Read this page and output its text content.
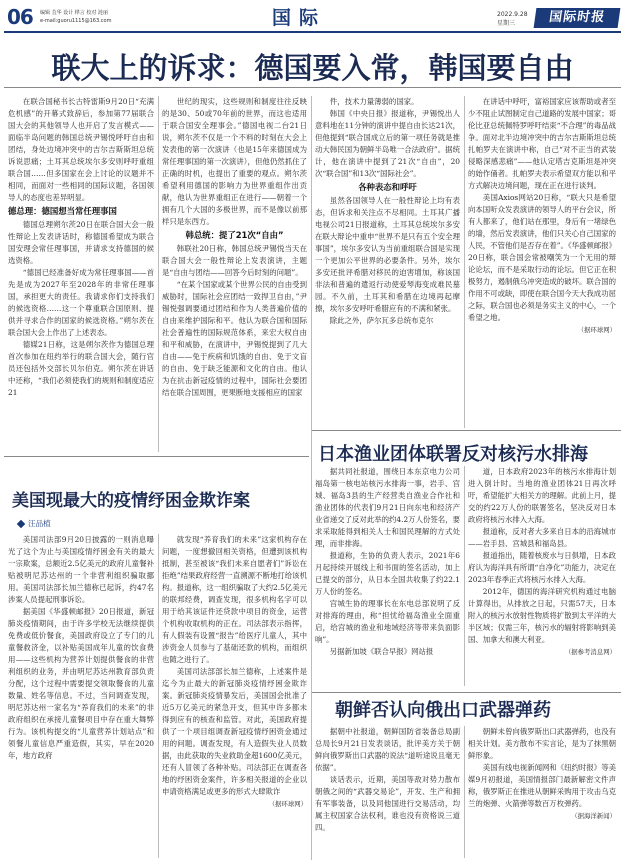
06 编辑 苴华 设计 桦言 校对 涟丽
e-mail:guoru1115@163.com	国际	2022.9.28
星期三	国际时报
联大上的诉求：德国要入常，韩国要自由

在联合国秘书长古特雷斯9月20日“充满危机感”的开幕式致辞后，参加第77届联合国大会的其他领导人也开启了发言模式——面临半岛问题的韩国总统尹锡悦呼吁自由和团结，身处边境冲突中的吉尔吉斯斯坦总统诉说思痛；土耳其总统埃尔多安则呼吁重组联合国……但多国家在会上讨论的议题并不相同，而面对一些相同的国际议题，各国领导人的态度也差异明显。

德总理：德国想当常任理事国

德国总理朔尔茨20日在联合国大会一般性辩论上发表讲话时，称德国希望成为联合国安理会常任理事国，并请求支持德国的候选资格。

“德国已经准备好成为常任理事国——首先是成为2027年至2028年的非常任理事国，承担更大的责任。我请求你们支持我们的候选资格……这一个尊重联合国原则、提供并寻求合作的国家的候选资格。”朔尔茨在联合国大会上作出了上述表态。

德媒21日称，这是朔尔茨作为德国总理首次参加在纽约举行的联合国大会，随行官员还包括外交部长贝尔伯克。朔尔茨在讲话中还称，“我们必须使我们的规则和制度适应21

世纪的现实，这些规则和制度往往反映的是30、50或70年前的世界，而这也适用于联合国安全理事会。”德国电视二台21日说，朔尔茨不仅是一个不料的时刻在大会上发表他的第一次演讲（也是15年来德国成为常任理事国的第一次演讲），但他仍然抓住了正确的时机，也提出了重要的观点。朔尔茨希望利用德国的影响力为世界重组作出贡献，他认为世界重组正在进行——朝着一个拥有几个大国的多极世界，而不是像以前那样只是东西方。

韩总统：提了21次“自由”

韩联社20日称，韩国总统尹锡悦当天在联合国大会一般性辩论上发表演讲，主题是“自由与团结——回答今后时刻的问题”。

“在某个国家或某个世界公民的自由受到威胁时，国际社会应团结一致捍卫自由，”尹锡悦强调要通过团结和作为人类普遍价值的自由来维护国际和平。他认为联合国和国际社会普遍性的国际规范体系，来宏大权自由和平和威胁，在演讲中，尹锡悦提到了几大自由——免于疾病和饥饿的自由、免于文盲的自由、免于缺乏能源和文化的自由。他认为在抗击新冠疫情的过程中，国际社会要团结在联合国周围，更果断地支援相应的国家

件，技术力量薄弱的国家。

韩国《中央日报》报道称，尹锡悦出人意料地在11分钟的演讲中提自由长达21次，但他提到“联合国成立后的第一项任务就是推动大韩民国为朝鲜半岛唯一合法政府”。据统计，他在演讲中提到了21次“自由”，20次“联合国”和13次“国际社会”。

各种表态和呼吁

虽然各国领导人在一般性辩论上均有表态，但诉求和关注点不尽相同。土耳其广播电视公司21日报道称，土耳其总统埃尔多安在联大辩论中重申“世界不是只有五个安全理事国”，埃尔多安认为当前重组联合国是实现一个更加公平世界的必要条件。另外，埃尔多安还批评希腊对移民的迫害增加，称该国非法和普遍的遣返行动使爱琴海变成难民墓园。不久前，土耳其和希腊在边境再起摩擦，埃尔多安呼吁希腊应有的不满和紧张。

除此之外，萨尔瓦多总统布克尔

在讲话中呼吁，富裕国家应该帮助或者至少不阻止试图制定自己道路的发展中国家；哥伦比亚总统佩特罗呼吁结束“不合理”的毒品战争。面对北半边境冲突中的吉尔吉斯斯坦总统扎帕罗夫在演讲中称，自己“对不正当的武装侵略深感悲痛”——他认定塔吉克斯坦是冲突的始作俑者。扎帕罗夫表示希望双方能以和平方式解决边境问题，现在正在进行谈判。

美国Axios网站20日称，“联大只是希望向本国听众发表演讲的领导人的平台会议，所有人都来了，他们站在那里，身后有一堵绿色的墙，然后发表演讲，他们只关心自己国家的人民，不管他们是否存在着”。《华盛顿邮报》20日称，联合国会常被嘲笑为一个无用的辩论论坛，而不是采取行动的论坛。但它正在积极努力，遏制俄乌冲突造成的破坏。联合国的作用不可或缺，即使在联合国今天大我成功屈之际，联合国也必须是务实主义的中心，一个希望之地。

（据环球网）
日本渔业团体联署反对核污水排海
美国现最大的疫情纾困金欺诈案
汪品植

美国司法部9月20日披露的一则消息曝光了这个为止与美国疫情纾困金有关的最大一宗欺案，总额近2.5亿美元的政府儿童餐补贴被明尼苏达州的一个非营利组织骗取挪用。美国司法部长加兰德称已起诉，约47名涉案人员提起刑事诉讼。

据美国《华盛顿邮报》20日报道，新冠肺炎疫情期间，由于许多学校无法继续提供免费或低价餐食，美国政府设立了专门的儿童餐救济金，以补贴美国成年儿童的饮食费用——这些机构为营养计划提供餐食的非营利组织的业务，并由明尼苏达州教育部负责分配，这个过程中需要提交领取餐食的儿童数量、姓名等信息。不过，当问调查发现，明尼苏达州一家名为“养育我们的未来”的非政府组织在承接儿童餐项目中存在重大舞弊行为。该机构提交的“儿童营养计划站点”和领餐儿童信息严重造假，其实，早在2020年，地方政府

就发现“养育我们的未来”这家机构存在问题，一度想撤回相关资格，但遭到该机构抵制，甚至被该“我们未来自愿者们”诉讼在拒绝”结果政府经营一直溯源不断地打给该机构。报道称，这一组织骗取了大约2.5亿美元的联邦经费，调查发现，很多机构名字可以用于给其该证件还贷款中项目的资金，运营个机构收取机构的正在。司法部表示指挥，有人假装有设置“报告”给医疗儿童人，其中涉资金人员参与了基础还款的机构，而组织也随之进行了。

美国司法部部长加兰德称，上述案件是迄今为止最大的新冠肺炎疫情纾困金欺诈案。新冠肺炎疫情暴发后，美国国会批准了近5万亿美元的紧急开支，但其中许多都未得到应有的核查和监管。对此，美国政府提供了一个项目组调查新冠疫情纾困资金通过用的问题。调查发现，有人造假失业人员数据，由此获取的失业救助金超1600亿美元，还有人冒领了各种补贴。司法部正在调查各地的纾困资金案件，许多相关报道的企业以申请资格满足或更多的形式大肆欺诈

（据环球网）

据共同社报道，围绕日本东京电力公司福岛第一核电站核污水排海一事，岩手、宫城、福岛3县的生产经营类自渔业合作社和渔业团体的代表们9月21日向东电和经济产业省递交了反对此举的约4.2万人份签名，要求采取能得到相关人士和国民理解的方式处理，而非排海。

报道称，生协的负责人表示，2021年6月起持续开展线上和书面的签名活动，加上已提交的部分，从日本全国共收集了约22.1万人份的签名。

宫城生协的理事长在东电总部说明了反对排海的理由，称“担忧给福岛渔业全面重启，给宫城的渔业和地域经济等带来负面影响”。

另据新加坡《联合早报》网站报

道，日本政府2023年的核污水排海计划进入倒计时。当地的渔业团体21日再次呼吁，希望能扩大相关方的理解。此前上月，提交的约22万人份的联署签名，坚决反对日本政府将核污水排入大海。

报道称，反对者大多来自日本的沿海城市——岩手县、宫城县和福岛县。

报道指出，随着核废水与日俱增，日本政府认为海洋具有所谓“自净化”功能力，决定在2023年春季正式将核污水排入大海。

2012年，德国的海洋研究机构通过电脑计算得出，从排放之日起，只需57天，日本附入的核污水放射性物质将扩散到太平洋的大半区域；仅需三年，核污水的辐射将影响到美国、加拿大和澳大利亚。

（据参考消息网）
朝鲜否认向俄出口武器弹药

据朝中社报道，朝鲜国防省装备总局副总局长9月21日发表谈话，批评美方关于朝鲜向俄罗斯出口武器的说法“道听途说且毫无依据”。

谈话表示，近期，美国等敌对势力散布朝俄之间的“武器交易论”，开发、生产和拥有军事装备，以及同他国进行交易活动，均属主权国家合法权利，谁也没有资格说三道四。

朝鲜未曾向俄罗斯出口武器弹药，也没有相关计划。美方散布不实言论，是为了抹黑朝鲜形象。

美国有线电视新闻网和《纽约时报》等美媒9月初报道，美国情报部门最新解密文件声称，俄罗斯正在推进从朝鲜采购用于攻击乌克兰的炮弹、火箭弹等数百万枚弹药。

（据海洋新闻）
